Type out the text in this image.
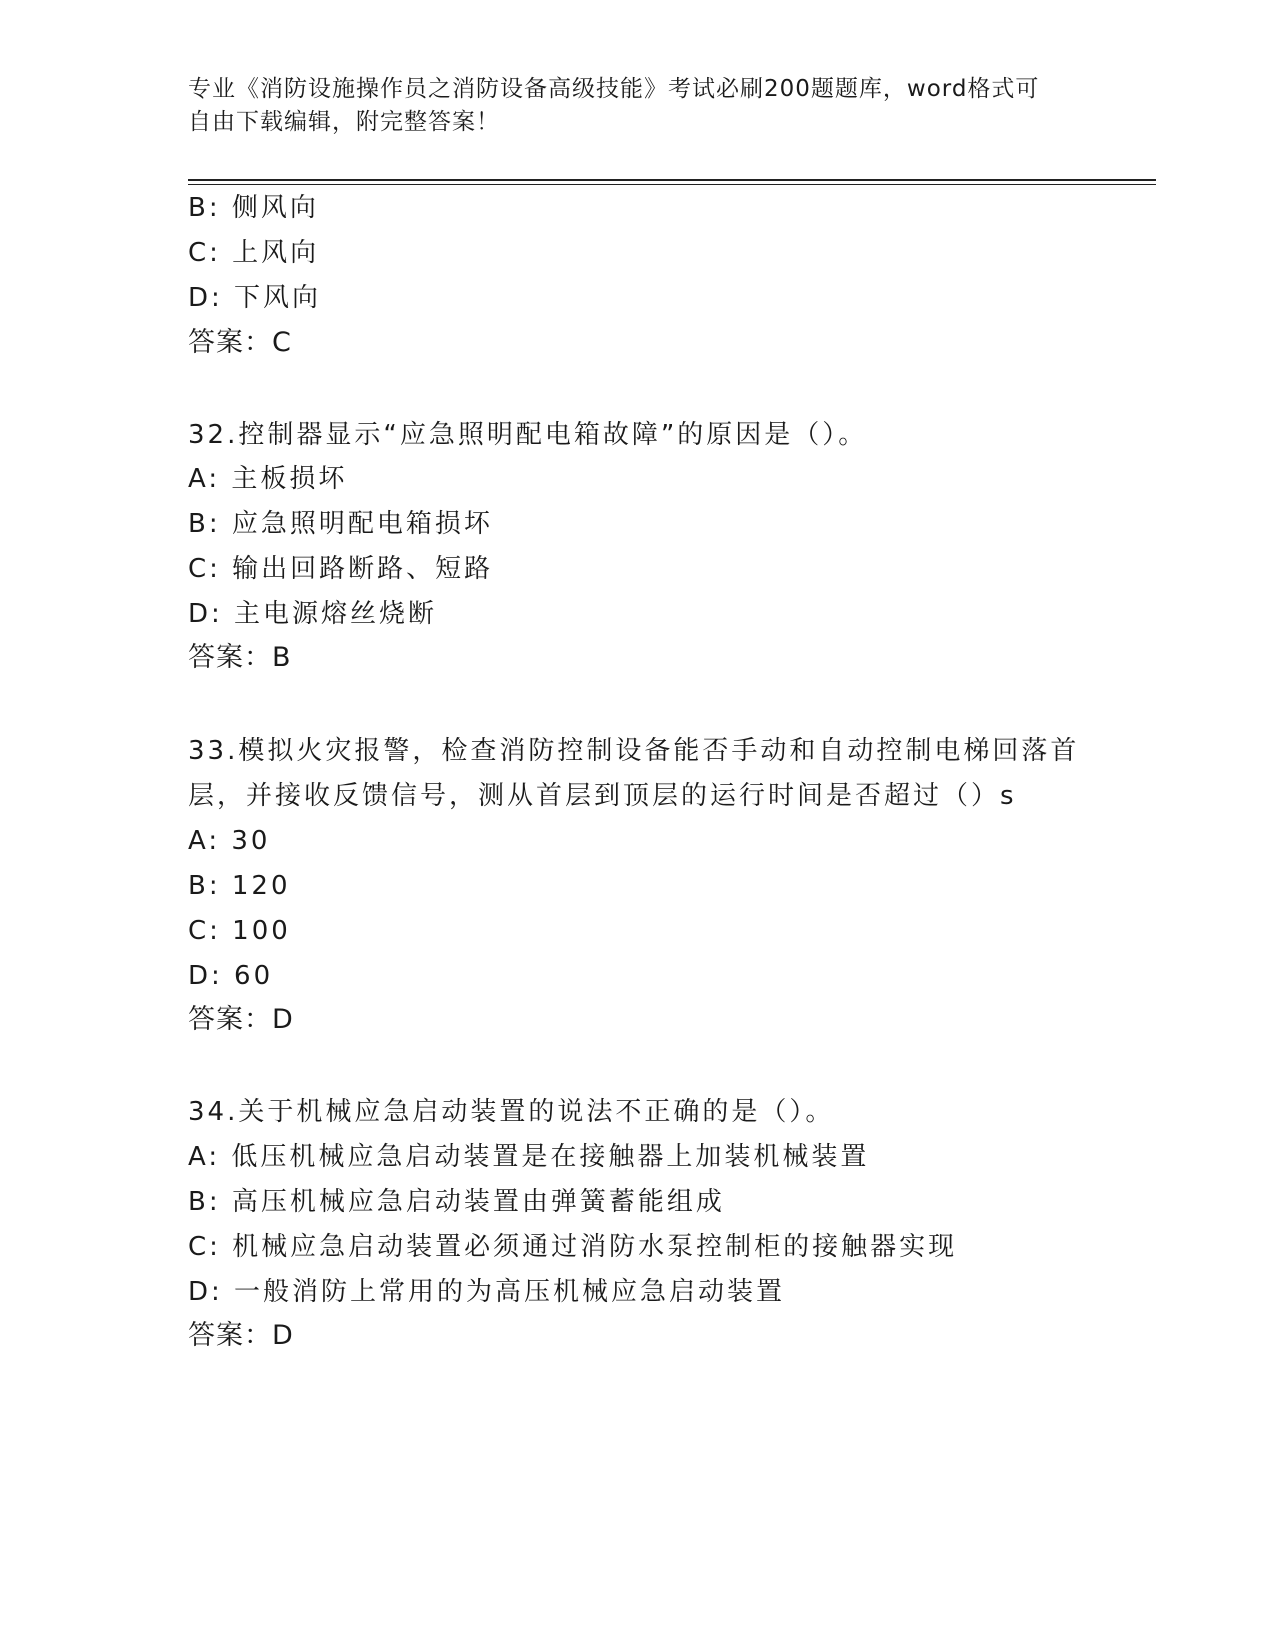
专业《消防设施操作员之消防设备高级技能》考试必刷200题题库，word格式可
自由下载编辑，附完整答案！
B: 侧风向
C: 上风向
D: 下风向
答案：C
32.控制器显示“应急照明配电箱故障”的原因是（）。
A: 主板损坏
B: 应急照明配电箱损坏
C: 输出回路断路、短路
D: 主电源熔丝烧断
答案：B
33.模拟火灾报警，检查消防控制设备能否手动和自动控制电梯回落首
层，并接收反馈信号，测从首层到顶层的运行时间是否超过（）s
A: 30
B: 120
C: 100
D: 60
答案：D
34.关于机械应急启动装置的说法不正确的是（）。
A: 低压机械应急启动装置是在接触器上加装机械装置
B: 高压机械应急启动装置由弹簧蓄能组成
C: 机械应急启动装置必须通过消防水泵控制柜的接触器实现
D: 一般消防上常用的为高压机械应急启动装置
答案：D
